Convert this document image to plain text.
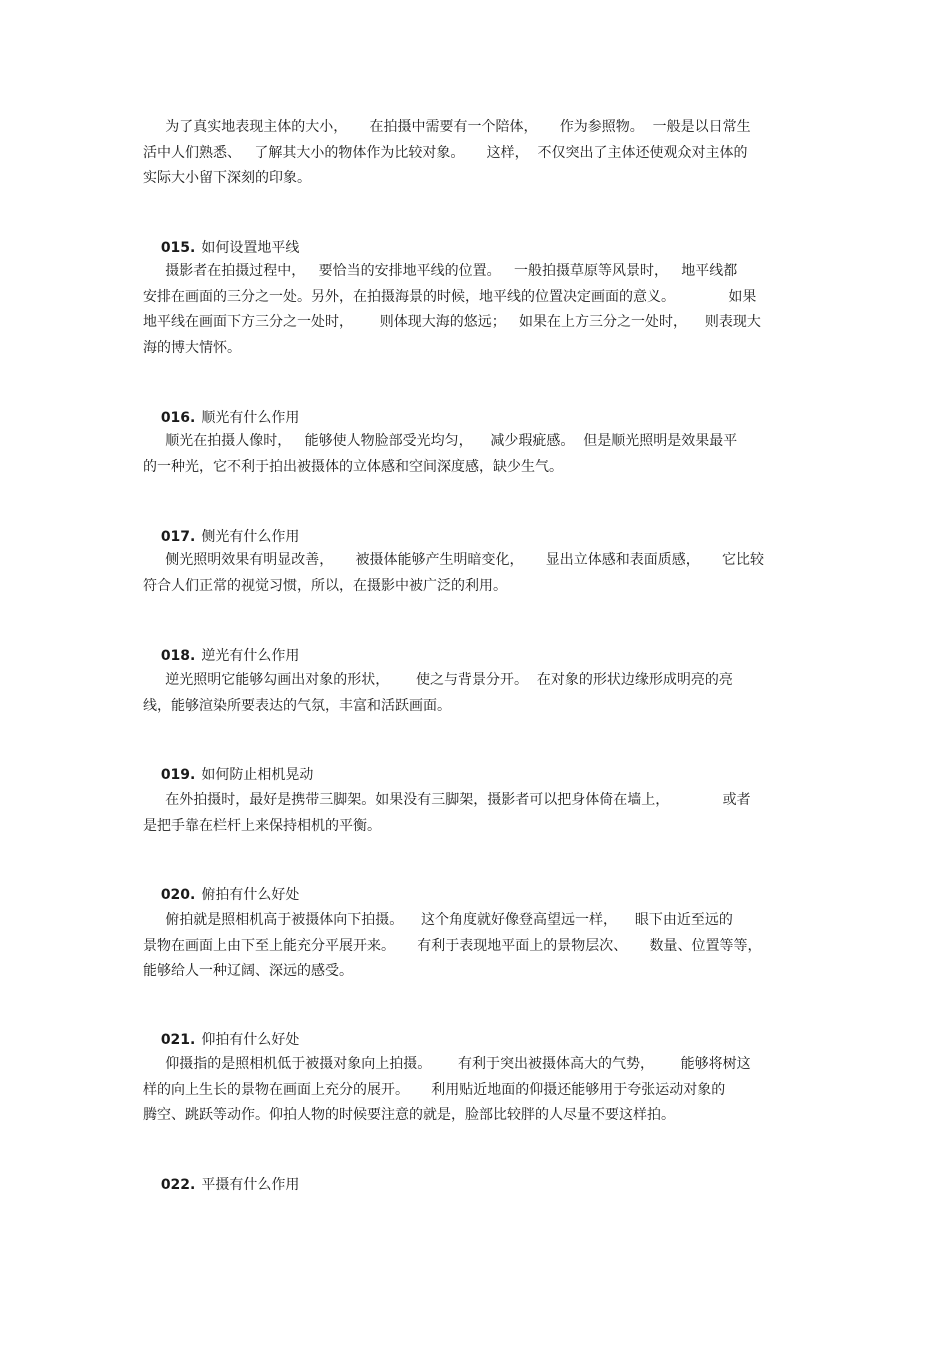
为了真实地表现主体的大小，     在拍摄中需要有一个陪体，     作为参照物。  一般是以日常生
活中人们熟悉、   了解其大小的物体作为比较对象。     这样，  不仅突出了主体还使观众对主体的
实际大小留下深刻的印象。

015. 如何设置地平线

摄影者在拍摄过程中，   要恰当的安排地平线的位置。   一般拍摄草原等风景时，   地平线都
安排在画面的三分之一处。另外，在拍摄海景的时候，地平线的位置决定画面的意义。            如果
地平线在画面下方三分之一处时，      则体现大海的悠远；   如果在上方三分之一处时，    则表现大
海的博大情怀。

016. 顺光有什么作用

顺光在拍摄人像时，   能够使人物脸部受光均匀，    减少瑕疵感。  但是顺光照明是效果最平
的一种光，它不利于拍出被摄体的立体感和空间深度感，缺少生气。

017. 侧光有什么作用

侧光照明效果有明显改善，     被摄体能够产生明暗变化，     显出立体感和表面质感，     它比较
符合人们正常的视觉习惯，所以，在摄影中被广泛的利用。

018. 逆光有什么作用

逆光照明它能够勾画出对象的形状，      使之与背景分开。  在对象的形状边缘形成明亮的亮
线，能够渲染所要表达的气氛，丰富和活跃画面。

019. 如何防止相机晃动

在外拍摄时，最好是携带三脚架。如果没有三脚架，摄影者可以把身体倚在墙上，            或者
是把手靠在栏杆上来保持相机的平衡。

020. 俯拍有什么好处

俯拍就是照相机高于被摄体向下拍摄。    这个角度就好像登高望远一样，    眼下由近至远的
景物在画面上由下至上能充分平展开来。     有利于表现地平面上的景物层次、     数量、位置等等，
能够给人一种辽阔、深远的感受。

021. 仰拍有什么好处

仰摄指的是照相机低于被摄对象向上拍摄。      有利于突出被摄体高大的气势，      能够将树这
样的向上生长的景物在画面上充分的展开。     利用贴近地面的仰摄还能够用于夸张运动对象的
腾空、跳跃等动作。仰拍人物的时候要注意的就是，脸部比较胖的人尽量不要这样拍。

022. 平摄有什么作用
